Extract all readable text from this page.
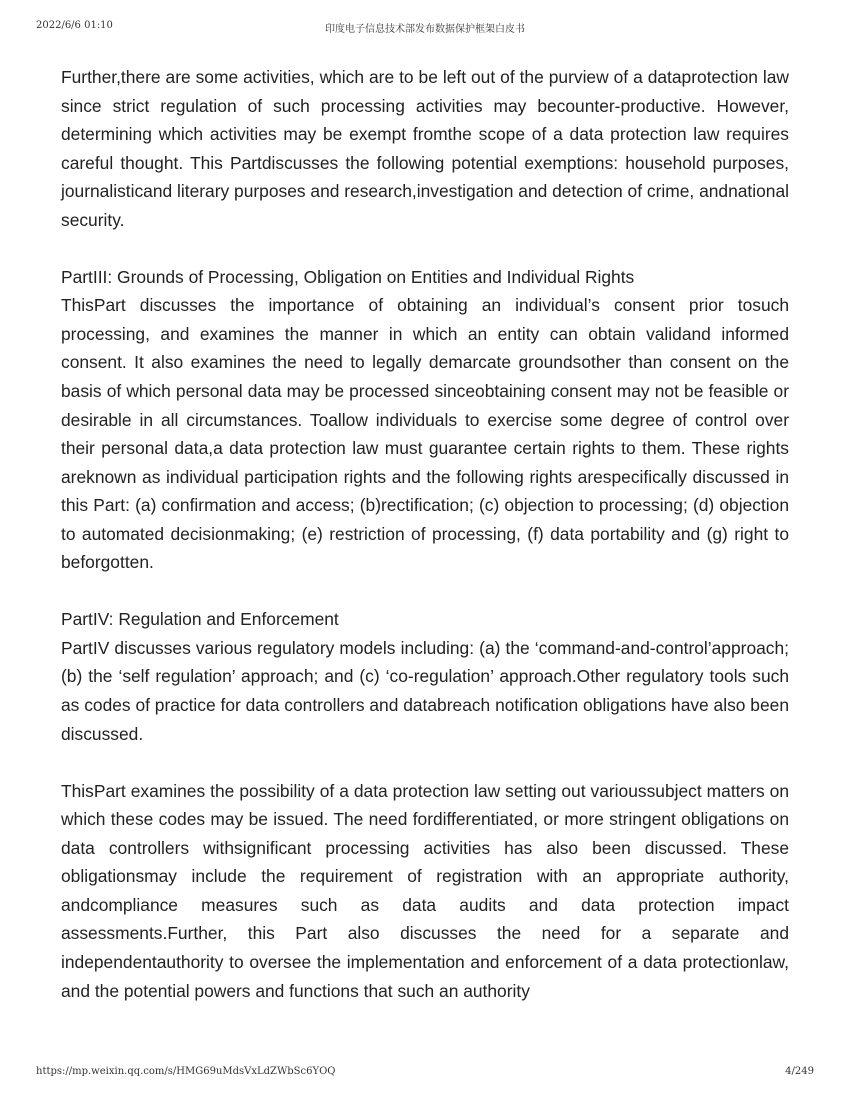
2022/6/6 01:10	印度电子信息技术部发布数据保护框架白皮书

Further,there are some activities, which are to be left out of the purview of a dataprotection law since strict regulation of such processing activities may becounter-productive. However, determining which activities may be exempt fromthe scope of a data protection law requires careful thought. This Partdiscusses the following potential exemptions: household purposes, journalisticand literary purposes and research,investigation and detection of crime, andnational security.

PartIII: Grounds of Processing, Obligation on Entities and Individual Rights

ThisPart discusses the importance of obtaining an individual’s consent prior tosuch processing, and examines the manner in which an entity can obtain validand informed consent. It also examines the need to legally demarcate groundsother than consent on the basis of which personal data may be processed sinceobtaining consent may not be feasible or desirable in all circumstances. Toallow individuals to exercise some degree of control over their personal data,a data protection law must guarantee certain rights to them. These rights areknown as individual participation rights and the following rights arespecifically discussed in this Part: (a) confirmation and access; (b)rectification; (c) objection to processing; (d) objection to automated decisionmaking; (e) restriction of processing, (f) data portability and (g) right to beforgotten.

PartIV: Regulation and Enforcement

PartIV discusses various regulatory models including: (a) the ‘command-and-control’approach; (b) the ‘self regulation’ approach; and (c) ‘co-regulation’ approach.Other regulatory tools such as codes of practice for data controllers and databreach notification obligations have also been discussed.

ThisPart examines the possibility of a data protection law setting out varioussubject matters on which these codes may be issued. The need fordifferentiated, or more stringent obligations on data controllers withsignificant processing activities has also been discussed. These obligationsmay include the requirement of registration with an appropriate authority, andcompliance measures such as data audits and data protection impact assessments.Further, this Part also discusses the need for a separate and independentauthority to oversee the implementation and enforcement of a data protectionlaw, and the potential powers and functions that such an authority

https://mp.weixin.qq.com/s/HMG69uMdsVxLdZWbSc6YOQ	4/249
